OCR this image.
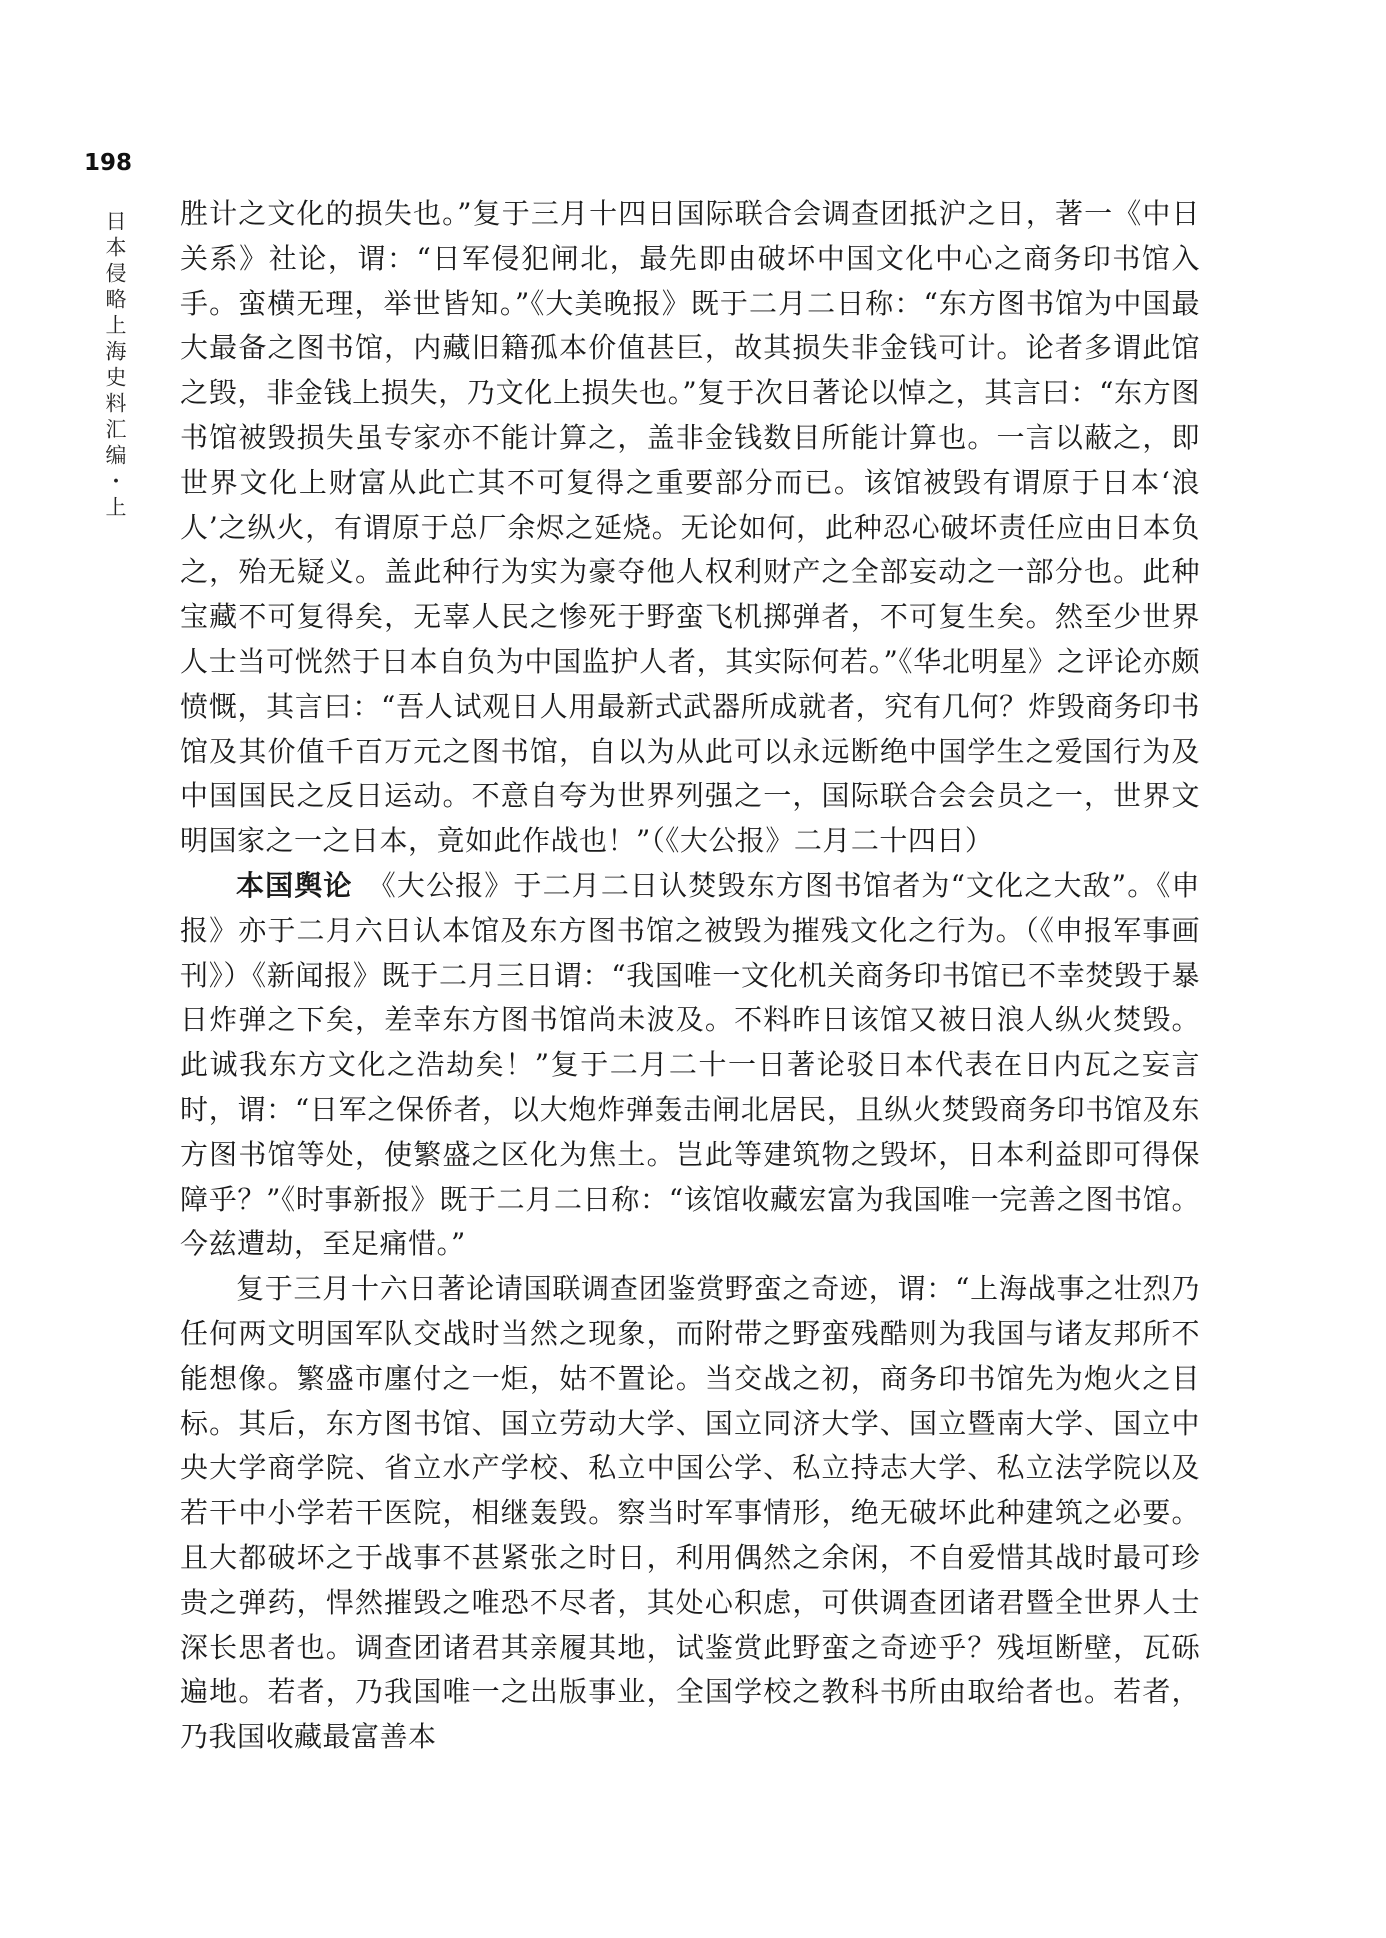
198
日本侵略上海史料汇编・上 胜计之文化的损失也。”复于三月十四日国际联合会调查团抵沪之日，著一《中日关系》社论，谓：“日军侵犯闸北，最先即由破坏中国文化中心之商务印书馆入手。蛮横无理，举世皆知。”《大美晚报》既于二月二日称：“东方图书馆为中国最大最备之图书馆，内藏旧籍孤本价值甚巨，故其损失非金钱可计。论者多谓此馆之毁，非金钱上损失，乃文化上损失也。”复于次日著论以悼之，其言曰：“东方图书馆被毁损失虽专家亦不能计算之，盖非金钱数目所能计算也。一言以蔽之，即世界文化上财富从此亡其不可复得之重要部分而已。该馆被毁有谓原于日本‘浪人’之纵火，有谓原于总厂余烬之延烧。无论如何，此种忍心破坏责任应由日本负之，殆无疑义。盖此种行为实为豪夺他人权利财产之全部妄动之一部分也。此种宝藏不可复得矣，无辜人民之惨死于野蛮飞机掷弹者，不可复生矣。然至少世界人士当可恍然于日本自负为中国监护人者，其实际何若。”《华北明星》之评论亦颇愤慨，其言曰：“吾人试观日人用最新式武器所成就者，究有几何？炸毁商务印书馆及其价值千百万元之图书馆，自以为从此可以永远断绝中国学生之爱国行为及中国国民之反日运动。不意自夸为世界列强之一，国际联合会会员之一，世界文明国家之一之日本，竟如此作战也！”（《大公报》二月二十四日）

本国舆论　《大公报》于二月二日认焚毁东方图书馆者为“文化之大敌”。《申报》亦于二月六日认本馆及东方图书馆之被毁为摧残文化之行为。（《申报军事画刊》）《新闻报》既于二月三日谓：“我国唯一文化机关商务印书馆已不幸焚毁于暴日炸弹之下矣，差幸东方图书馆尚未波及。不料昨日该馆又被日浪人纵火焚毁。此诚我东方文化之浩劫矣！”复于二月二十一日著论驳日本代表在日内瓦之妄言时，谓：“日军之保侨者，以大炮炸弹轰击闸北居民，且纵火焚毁商务印书馆及东方图书馆等处，使繁盛之区化为焦土。岂此等建筑物之毁坏，日本利益即可得保障乎？”《时事新报》既于二月二日称：“该馆收藏宏富为我国唯一完善之图书馆。今兹遭劫，至足痛惜。”

复于三月十六日著论请国联调查团鉴赏野蛮之奇迹，谓：“上海战事之壮烈乃任何两文明国军队交战时当然之现象，而附带之野蛮残酷则为我国与诸友邦所不能想像。繁盛市廛付之一炬，姑不置论。当交战之初，商务印书馆先为炮火之目标。其后，东方图书馆、国立劳动大学、国立同济大学、国立暨南大学、国立中央大学商学院、省立水产学校、私立中国公学、私立持志大学、私立法学院以及若干中小学若干医院，相继轰毁。察当时军事情形，绝无破坏此种建筑之必要。且大都破坏之于战事不甚紧张之时日，利用偶然之余闲，不自爱惜其战时最可珍贵之弹药，悍然摧毁之唯恐不尽者，其处心积虑，可供调查团诸君暨全世界人士深长思者也。调查团诸君其亲履其地，试鉴赏此野蛮之奇迹乎？残垣断壁，瓦砾遍地。若者，乃我国唯一之出版事业，全国学校之教科书所由取给者也。若者，乃我国收藏最富善本
